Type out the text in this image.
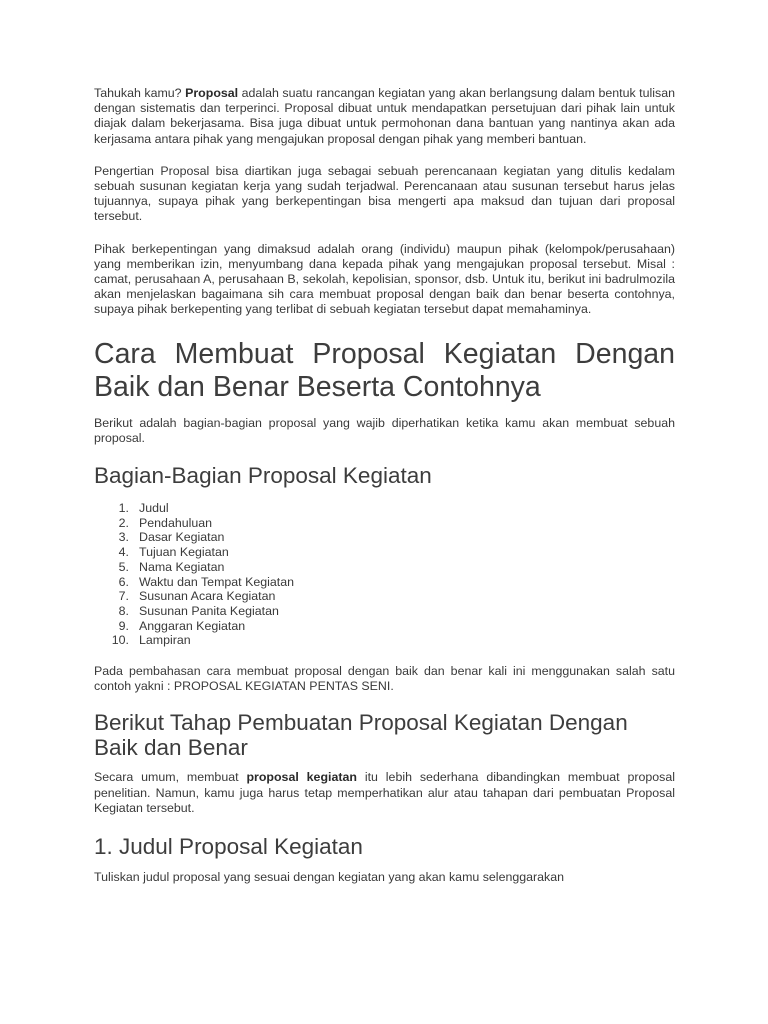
Tahukah kamu? Proposal adalah suatu rancangan kegiatan yang akan berlangsung dalam bentuk tulisan dengan sistematis dan terperinci. Proposal dibuat untuk mendapatkan persetujuan dari pihak lain untuk diajak dalam bekerjasama. Bisa juga dibuat untuk permohonan dana bantuan yang nantinya akan ada kerjasama antara pihak yang mengajukan proposal dengan pihak yang memberi bantuan.

Pengertian Proposal bisa diartikan juga sebagai sebuah perencanaan kegiatan yang ditulis kedalam sebuah susunan kegiatan kerja yang sudah terjadwal. Perencanaan atau susunan tersebut harus jelas tujuannya, supaya pihak yang berkepentingan bisa mengerti apa maksud dan tujuan dari proposal tersebut.

Pihak berkepentingan yang dimaksud adalah orang (individu) maupun pihak (kelompok/perusahaan) yang memberikan izin, menyumbang dana kepada pihak yang mengajukan proposal tersebut. Misal : camat, perusahaan A, perusahaan B, sekolah, kepolisian, sponsor, dsb. Untuk itu, berikut ini badrulmozila akan menjelaskan bagaimana sih cara membuat proposal dengan baik dan benar beserta contohnya, supaya pihak berkepenting yang terlibat di sebuah kegiatan tersebut dapat memahaminya.

Cara Membuat Proposal Kegiatan Dengan Baik dan Benar Beserta Contohnya

Berikut adalah bagian-bagian proposal yang wajib diperhatikan ketika kamu akan membuat sebuah proposal.

Bagian-Bagian Proposal Kegiatan
1. Judul
2. Pendahuluan
3. Dasar Kegiatan
4. Tujuan Kegiatan
5. Nama Kegiatan
6. Waktu dan Tempat Kegiatan
7. Susunan Acara Kegiatan
8. Susunan Panita Kegiatan
9. Anggaran Kegiatan
10. Lampiran

Pada pembahasan cara membuat proposal dengan baik dan benar kali ini menggunakan salah satu contoh yakni : PROPOSAL KEGIATAN PENTAS SENI.

Berikut Tahap Pembuatan Proposal Kegiatan Dengan Baik dan Benar

Secara umum, membuat proposal kegiatan itu lebih sederhana dibandingkan membuat proposal penelitian. Namun, kamu juga harus tetap memperhatikan alur atau tahapan dari pembuatan Proposal Kegiatan tersebut.

1. Judul Proposal Kegiatan

Tuliskan judul proposal yang sesuai dengan kegiatan yang akan kamu selenggarakan
